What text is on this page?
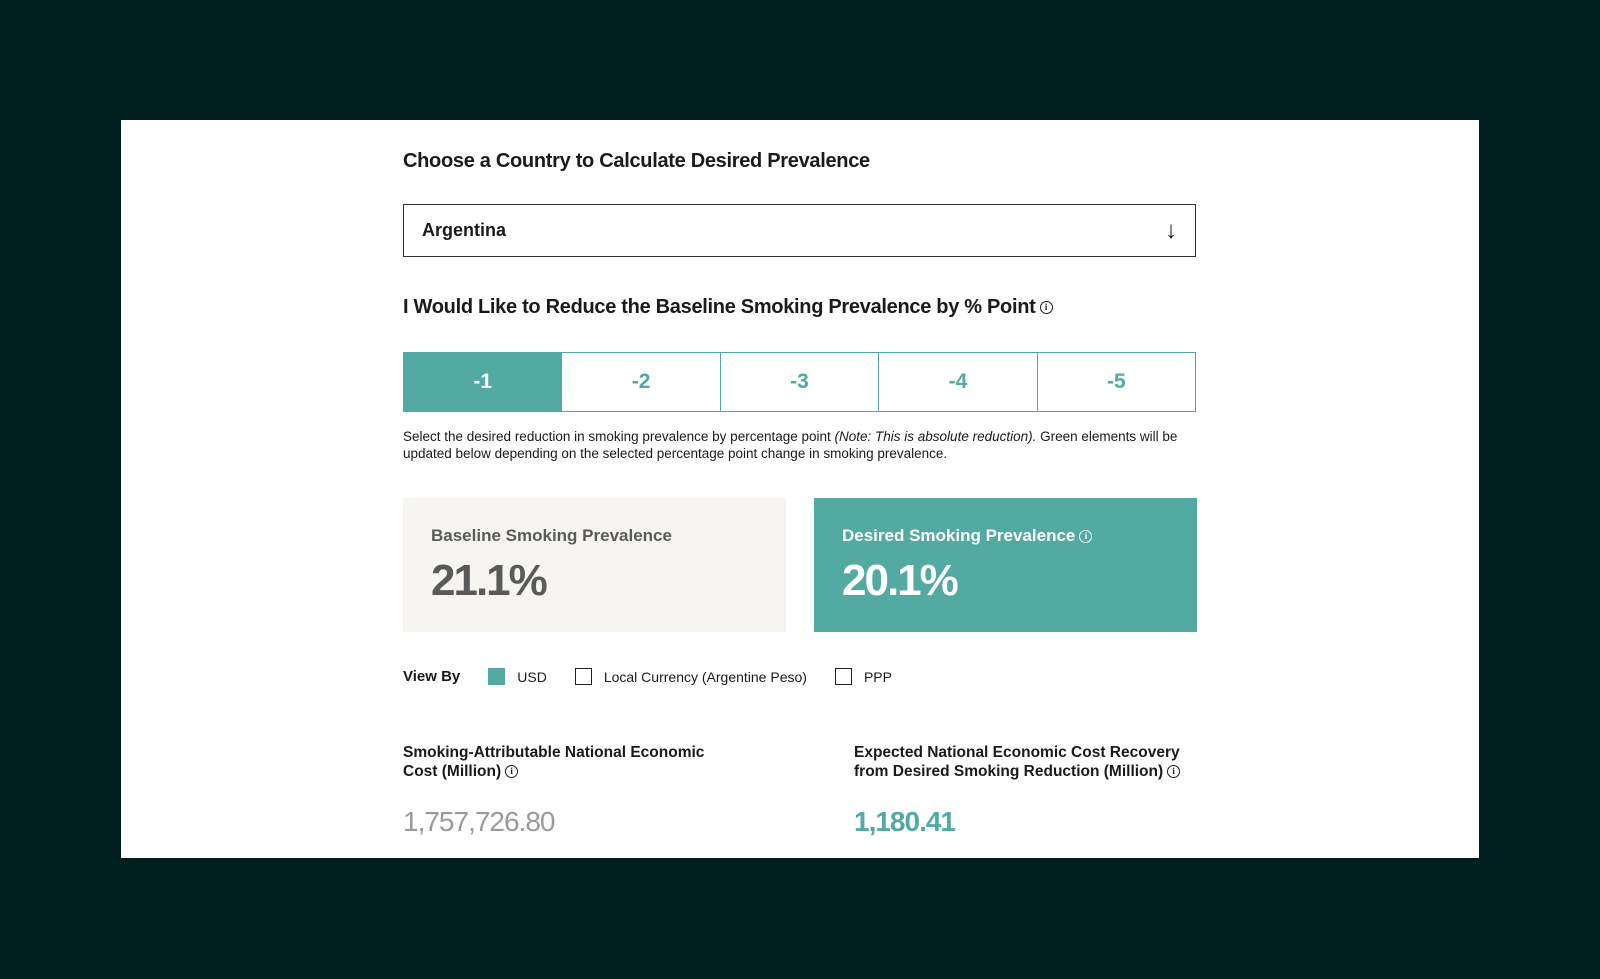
Choose a Country to Calculate Desired Prevalence
Argentina	↓
I Would Like to Reduce the Baseline Smoking Prevalence by % Point i
-1	-2	-3	-4	-5
Select the desired reduction in smoking prevalence by percentage point (Note: This is absolute reduction). Green elements will be updated below depending on the selected percentage point change in smoking prevalence.
Baseline Smoking Prevalence
21.1%
Desired Smoking Prevalence i
20.1%
View By	USD	Local Currency (Argentine Peso)	PPP
Smoking-Attributable National Economic Cost (Million) i
1,757,726.80
Expected National Economic Cost Recovery from Desired Smoking Reduction (Million) i
1,180.41
